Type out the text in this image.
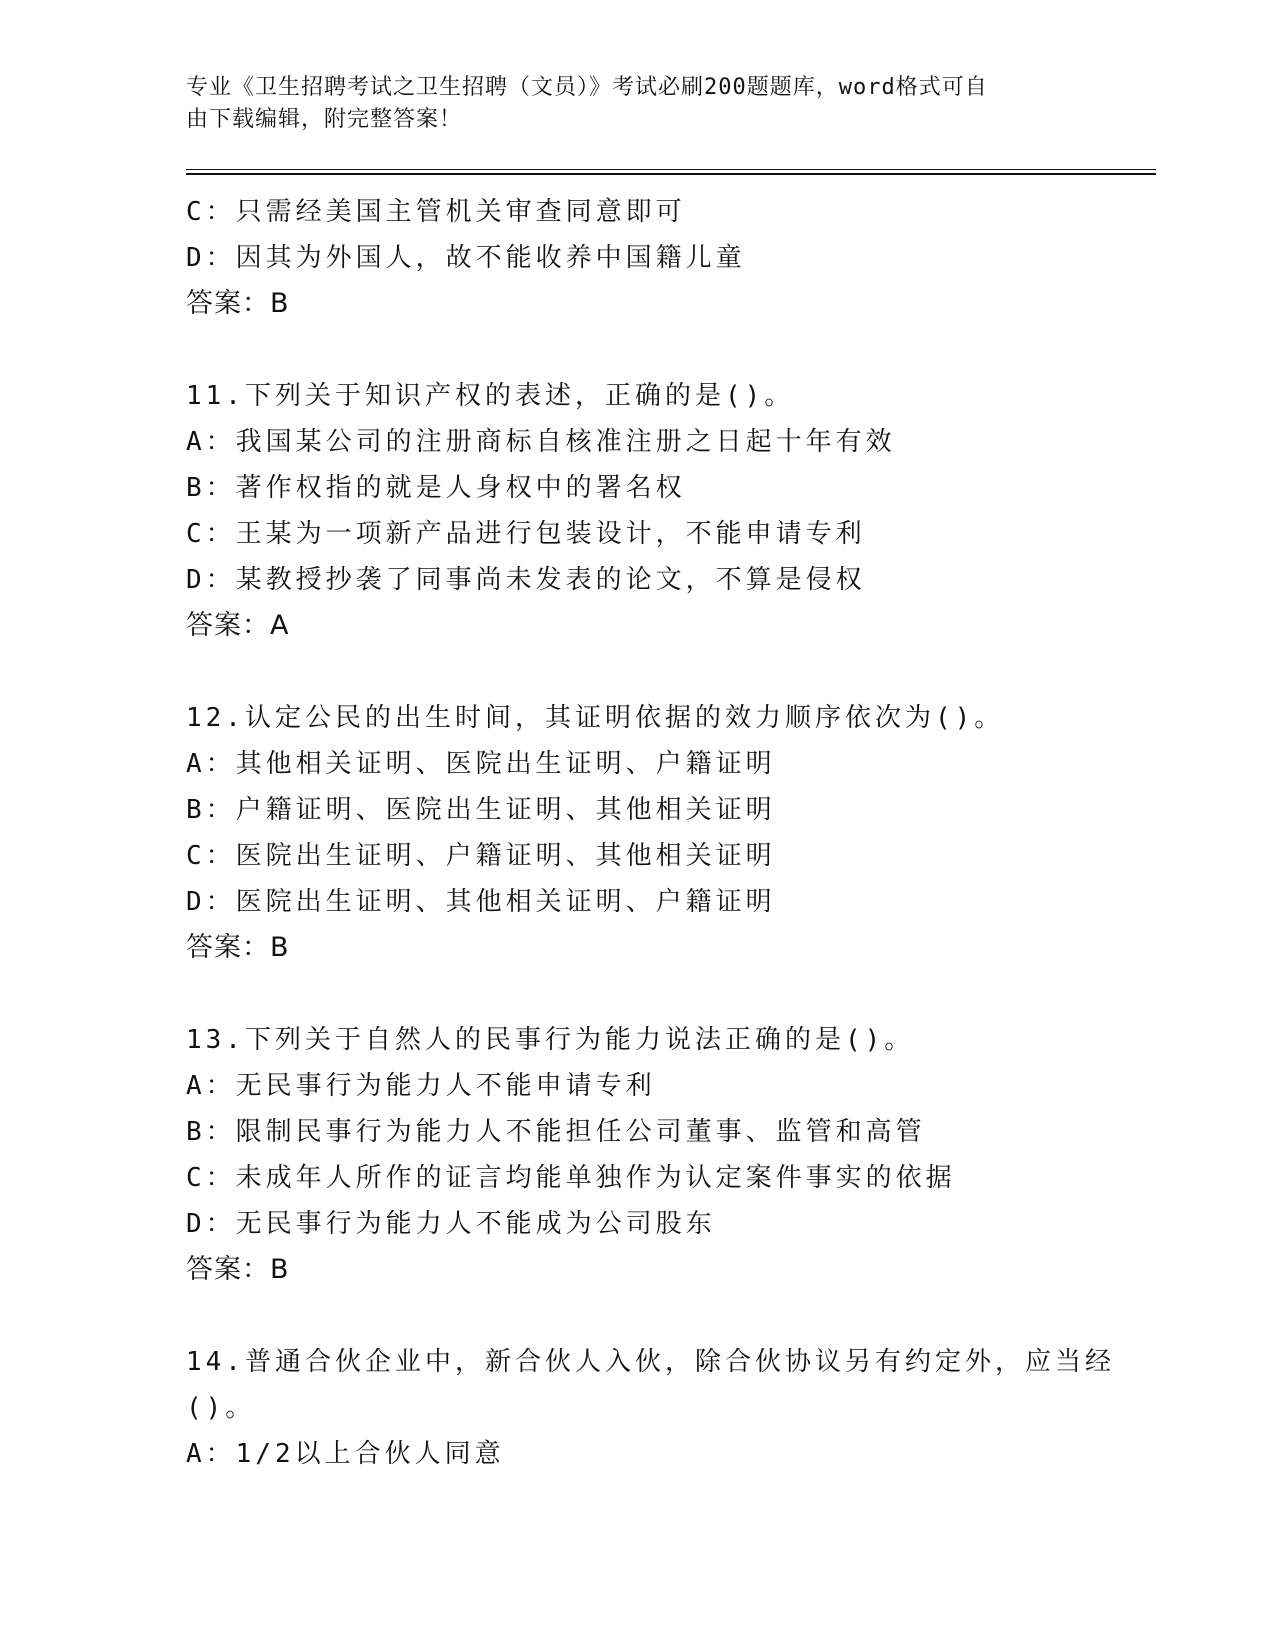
专业《卫生招聘考试之卫生招聘（文员）》考试必刷200题题库，word格式可自
由下载编辑，附完整答案！
C：只需经美国主管机关审查同意即可
D：因其为外国人，故不能收养中国籍儿童
答案：B
11.下列关于知识产权的表述，正确的是()。
A：我国某公司的注册商标自核准注册之日起十年有效
B：著作权指的就是人身权中的署名权
C：王某为一项新产品进行包装设计，不能申请专利
D：某教授抄袭了同事尚未发表的论文，不算是侵权
答案：A
12.认定公民的出生时间，其证明依据的效力顺序依次为()。
A：其他相关证明、医院出生证明、户籍证明
B：户籍证明、医院出生证明、其他相关证明
C：医院出生证明、户籍证明、其他相关证明
D：医院出生证明、其他相关证明、户籍证明
答案：B
13.下列关于自然人的民事行为能力说法正确的是()。
A：无民事行为能力人不能申请专利
B：限制民事行为能力人不能担任公司董事、监管和高管
C：未成年人所作的证言均能单独作为认定案件事实的依据
D：无民事行为能力人不能成为公司股东
答案：B
14.普通合伙企业中，新合伙人入伙，除合伙协议另有约定外，应当经
()。
A：1/2以上合伙人同意
